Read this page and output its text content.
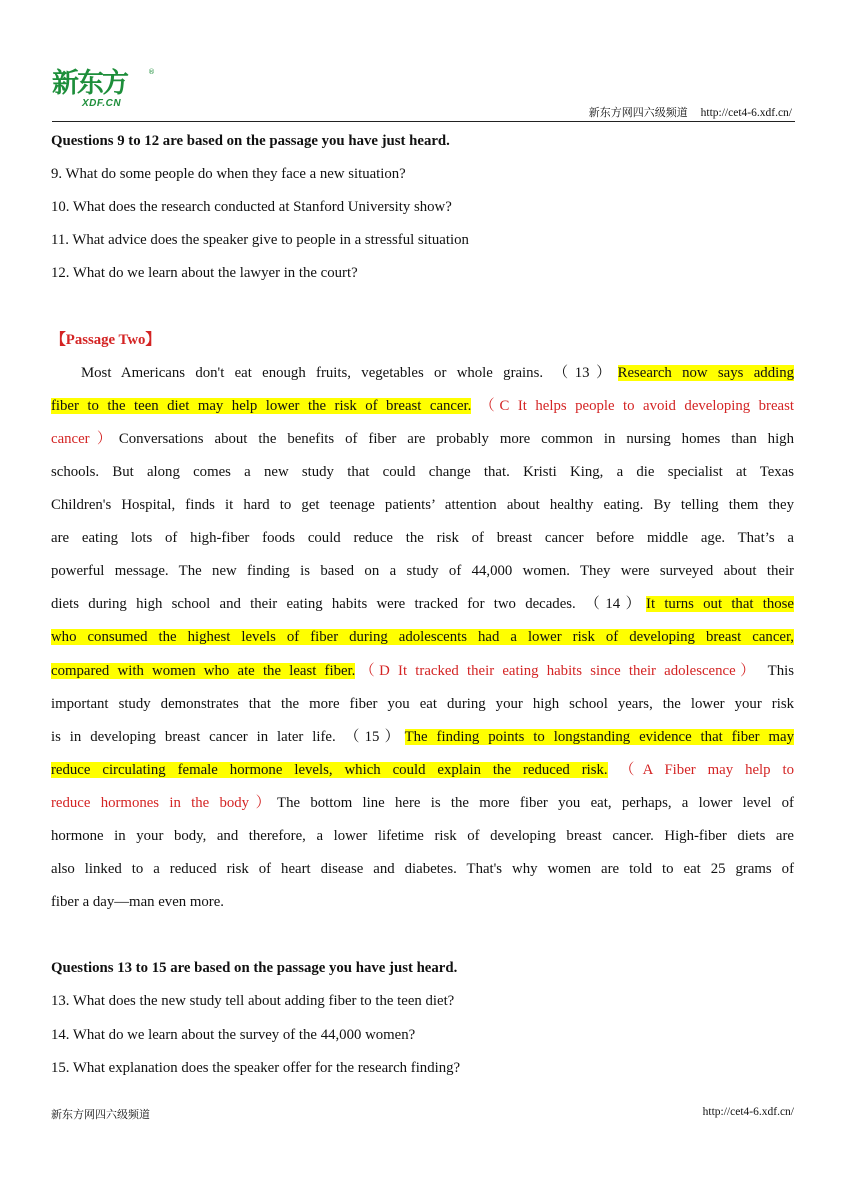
新东方
XDF.CN
®
新东方网四六级频道 http://cet4-6.xdf.cn/
Questions 9 to 12 are based on the passage you have just heard.
9. What do some people do when they face a new situation?
10. What does the research conducted at Stanford University show?
11. What advice does the speaker give to people in a stressful situation
12. What do we learn about the lawyer in the court?
【Passage Two】
Most Americans don't eat enough fruits, vegetables or whole grains. （13）Research now says adding
fiber to the teen diet may help lower the risk of breast cancer. （C It helps people to avoid developing breast
cancer）Conversations about the benefits of fiber are probably more common in nursing homes than high
schools. But along comes a new study that could change that. Kristi King, a die specialist at Texas
Children's Hospital, finds it hard to get teenage patients’ attention about healthy eating. By telling them they
are eating lots of high-fiber foods could reduce the risk of breast cancer before middle age. That’s a
powerful message. The new finding is based on a study of 44,000 women. They were surveyed about their
diets during high school and their eating habits were tracked for two decades. （14）It turns out that those
who consumed the highest levels of fiber during adolescents had a lower risk of developing breast cancer,
compared with women who ate the least fiber.（D It tracked their eating habits since their adolescence） This
important study demonstrates that the more fiber you eat during your high school years, the lower your risk
is in developing breast cancer in later life. （15）The finding points to longstanding evidence that fiber may
reduce circulating female hormone levels, which could explain the reduced risk. （A Fiber may help to
reduce hormones in the body）The bottom line here is the more fiber you eat, perhaps, a lower level of
hormone in your body, and therefore, a lower lifetime risk of developing breast cancer. High-fiber diets are
also linked to a reduced risk of heart disease and diabetes. That's why women are told to eat 25 grams of
fiber a day—man even more.
Questions 13 to 15 are based on the passage you have just heard.
13. What does the new study tell about adding fiber to the teen diet?
14. What do we learn about the survey of the 44,000 women?
15. What explanation does the speaker offer for the research finding?
新东方网四六级频道	http://cet4-6.xdf.cn/
